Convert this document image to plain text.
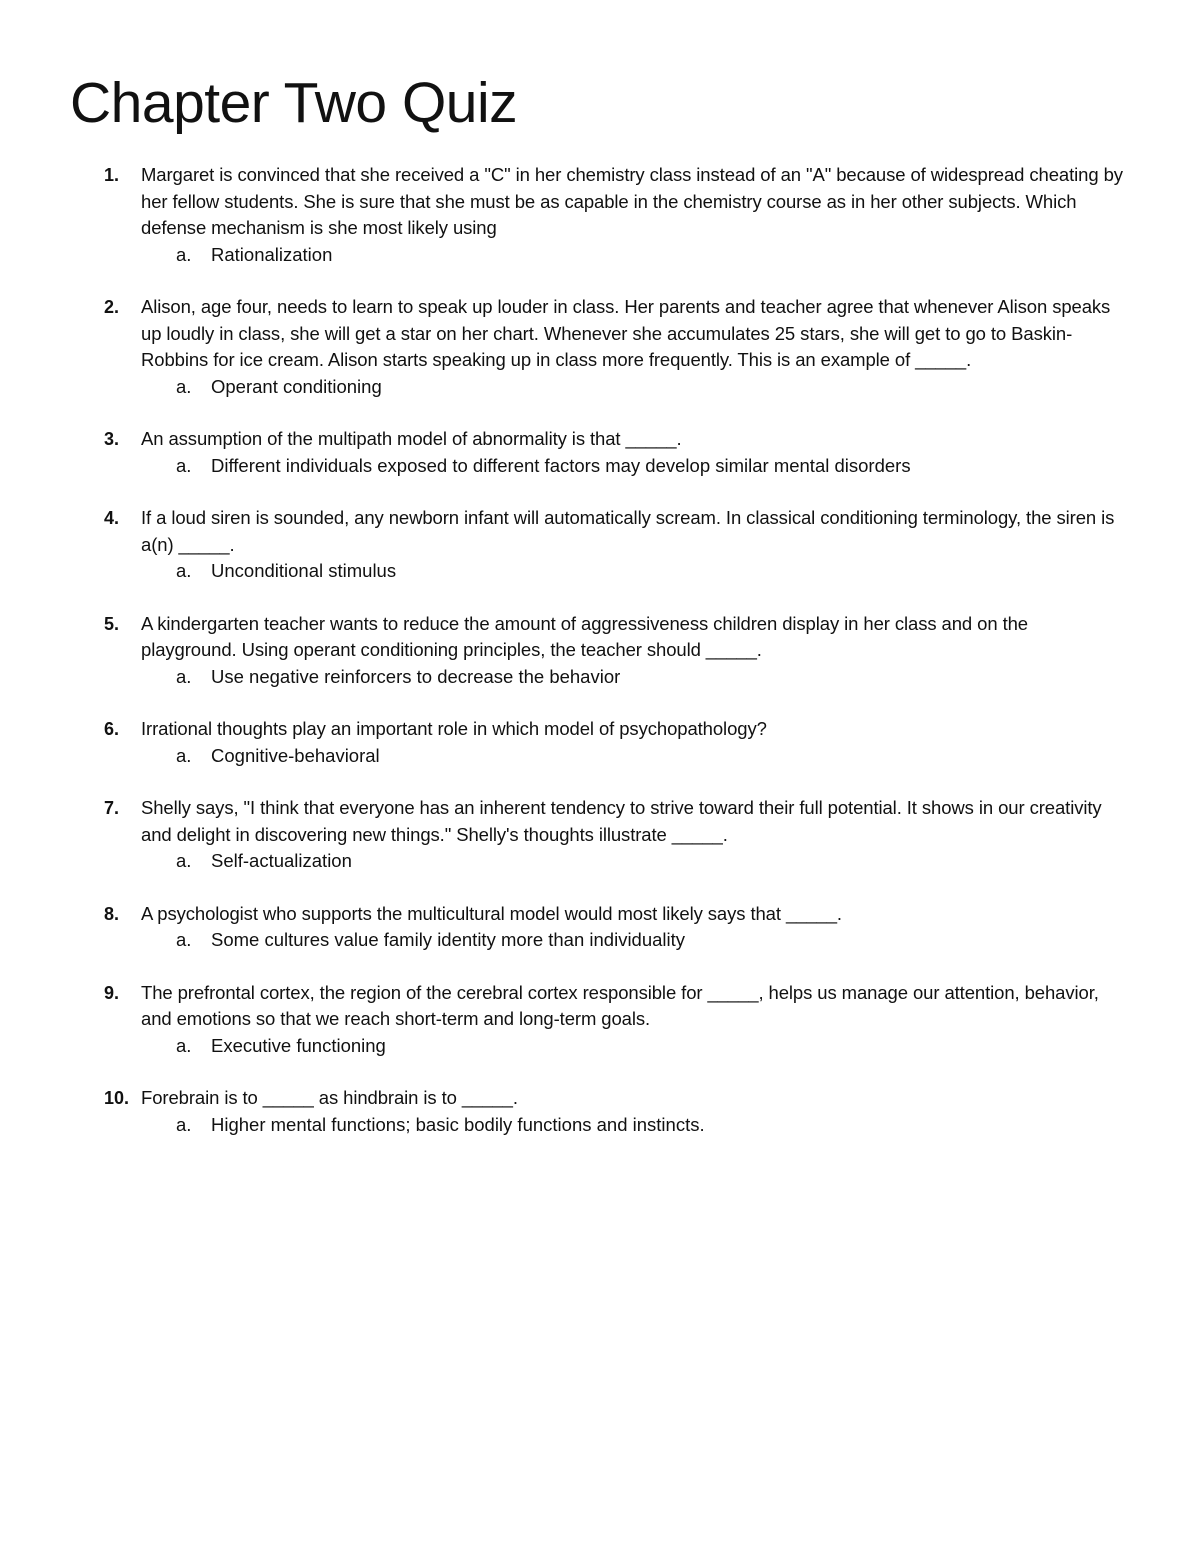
Chapter Two Quiz
1.	Margaret is convinced that she received a "C" in her chemistry class instead of an "A" because of widespread cheating by her fellow students. She is sure that she must be as capable in the chemistry course as in her other subjects. Which defense mechanism is she most likely using
a. Rationalization
2.	Alison, age four, needs to learn to speak up louder in class. Her parents and teacher agree that whenever Alison speaks up loudly in class, she will get a star on her chart. Whenever she accumulates 25 stars, she will get to go to Baskin-Robbins for ice cream. Alison starts speaking up in class more frequently. This is an example of _____.
a. Operant conditioning
3.	An assumption of the multipath model of abnormality is that _____.
a. Different individuals exposed to different factors may develop similar mental disorders
4.	If a loud siren is sounded, any newborn infant will automatically scream. In classical conditioning terminology, the siren is a(n) _____.
a. Unconditional stimulus
5.	A kindergarten teacher wants to reduce the amount of aggressiveness children display in her class and on the playground. Using operant conditioning principles, the teacher should _____.
a. Use negative reinforcers to decrease the behavior
6.	Irrational thoughts play an important role in which model of psychopathology?
a. Cognitive-behavioral
7.	Shelly says, "I think that everyone has an inherent tendency to strive toward their full potential. It shows in our creativity and delight in discovering new things." Shelly's thoughts illustrate _____.
a. Self-actualization
8.	A psychologist who supports the multicultural model would most likely says that _____.
a. Some cultures value family identity more than individuality
9.	The prefrontal cortex, the region of the cerebral cortex responsible for _____, helps us manage our attention, behavior, and emotions so that we reach short-term and long-term goals.
a. Executive functioning
10. Forebrain is to _____ as hindbrain is to _____.
a. Higher mental functions; basic bodily functions and instincts.
